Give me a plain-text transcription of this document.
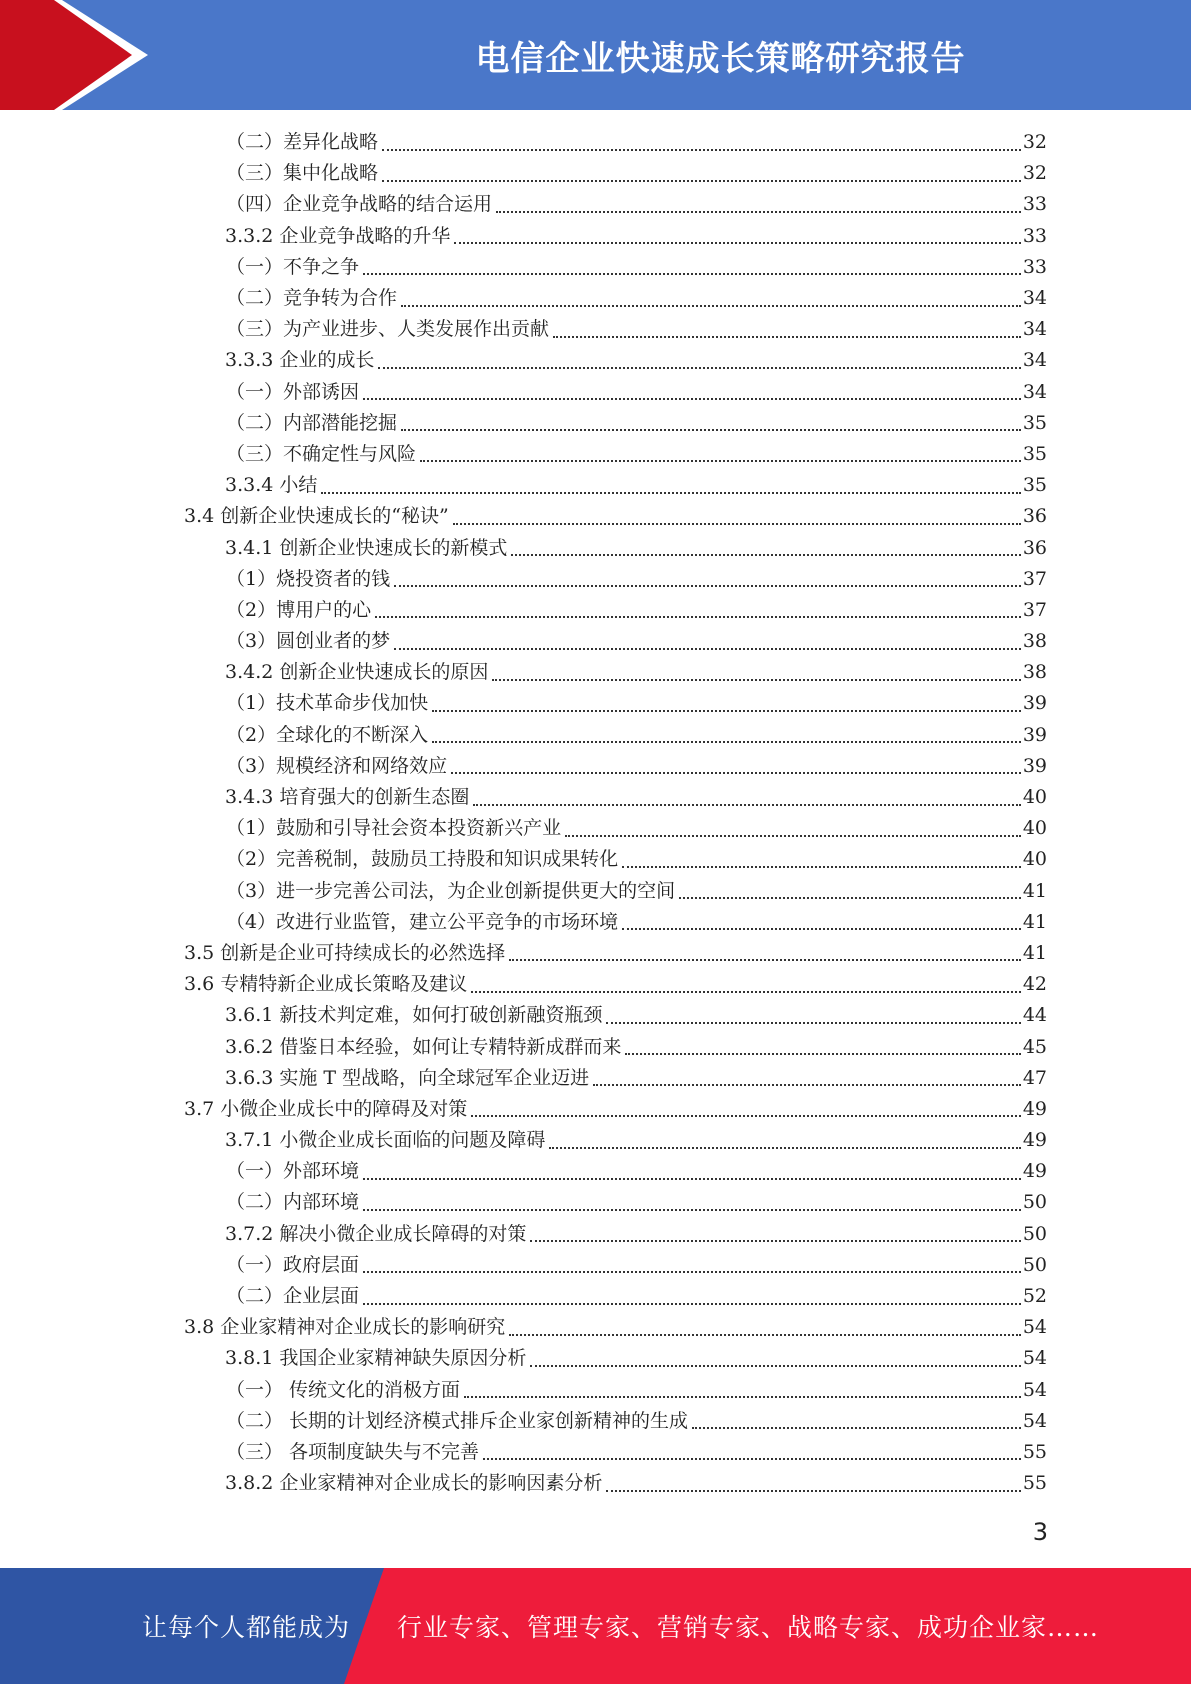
电信企业快速成长策略研究报告
（二）差异化战略	32
（三）集中化战略	32
（四）企业竞争战略的结合运用	33
3.3.2 企业竞争战略的升华	33
（一）不争之争	33
（二）竞争转为合作	34
（三）为产业进步、人类发展作出贡献	34
3.3.3 企业的成长	34
（一）外部诱因	34
（二）内部潜能挖掘	35
（三）不确定性与风险	35
3.3.4 小结	35
3.4 创新企业快速成长的“秘诀”	36
3.4.1 创新企业快速成长的新模式	36
（1）烧投资者的钱	37
（2）博用户的心	37
（3）圆创业者的梦	38
3.4.2 创新企业快速成长的原因	38
（1）技术革命步伐加快	39
（2）全球化的不断深入	39
（3）规模经济和网络效应	39
3.4.3 培育强大的创新生态圈	40
（1）鼓励和引导社会资本投资新兴产业	40
（2）完善税制，鼓励员工持股和知识成果转化	40
（3）进一步完善公司法，为企业创新提供更大的空间	41
（4）改进行业监管，建立公平竞争的市场环境	41
3.5 创新是企业可持续成长的必然选择	41
3.6 专精特新企业成长策略及建议	42
3.6.1 新技术判定难，如何打破创新融资瓶颈	44
3.6.2 借鉴日本经验，如何让专精特新成群而来	45
3.6.3 实施 T 型战略，向全球冠军企业迈进	47
3.7 小微企业成长中的障碍及对策	49
3.7.1 小微企业成长面临的问题及障碍	49
（一）外部环境	49
（二）内部环境	50
3.7.2 解决小微企业成长障碍的对策	50
（一）政府层面	50
（二）企业层面	52
3.8 企业家精神对企业成长的影响研究	54
3.8.1 我国企业家精神缺失原因分析	54
（一） 传统文化的消极方面	54
（二） 长期的计划经济模式排斥企业家创新精神的生成	54
（三） 各项制度缺失与不完善	55
3.8.2 企业家精神对企业成长的影响因素分析	55
3
让每个人都能成为 行业专家、管理专家、营销专家、战略专家、成功企业家……
